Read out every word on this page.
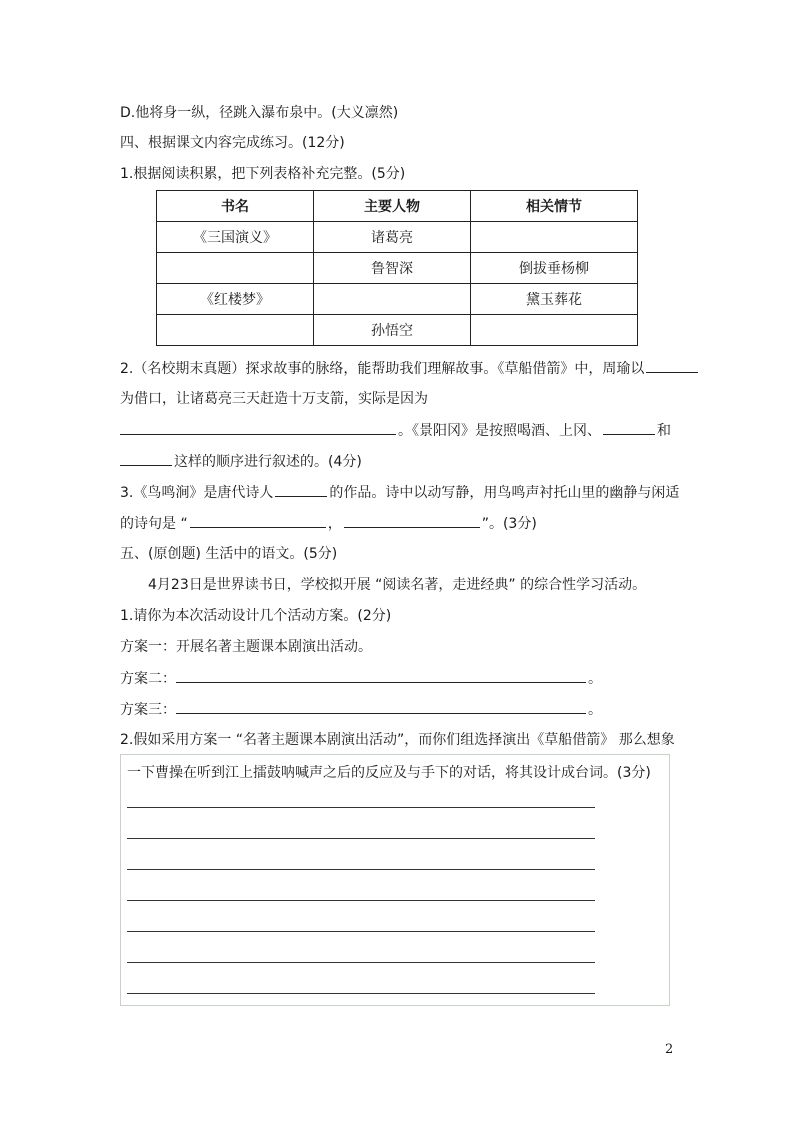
D.他将身一纵，径跳入瀑布泉中。(大义凛然)
四、根据课文内容完成练习。(12分)
1.根据阅读积累，把下列表格补充完整。(5分)
书名	主要人物	相关情节
《三国演义》	诸葛亮	
	鲁智深	倒拔垂杨柳
《红楼梦》		黛玉葬花
	孙悟空	
2.（名校期末真题）探求故事的脉络，能帮助我们理解故事。《草船借箭》中，周瑜以
为借口，让诸葛亮三天赶造十万支箭，实际是因为
。《景阳冈》是按照喝酒、上冈、	和
这样的顺序进行叙述的。(4分)
3.《鸟鸣涧》是唐代诗人	的作品。诗中以动写静，用鸟鸣声衬托山里的幽静与闲适
的诗句是 “	，	”。(3分)
五、(原创题) 生活中的语文。(5分)
4月23日是世界读书日，学校拟开展 “阅读名著，走进经典” 的综合性学习活动。
1.请你为本次活动设计几个活动方案。(2分)
方案一：开展名著主题课本剧演出活动。
方案二：	。
方案三：	。
2.假如采用方案一 “名著主题课本剧演出活动”，而你们组选择演出《草船借箭》 那么想象
一下曹操在听到江上擂鼓呐喊声之后的反应及与手下的对话，将其设计成台词。(3分)
2
